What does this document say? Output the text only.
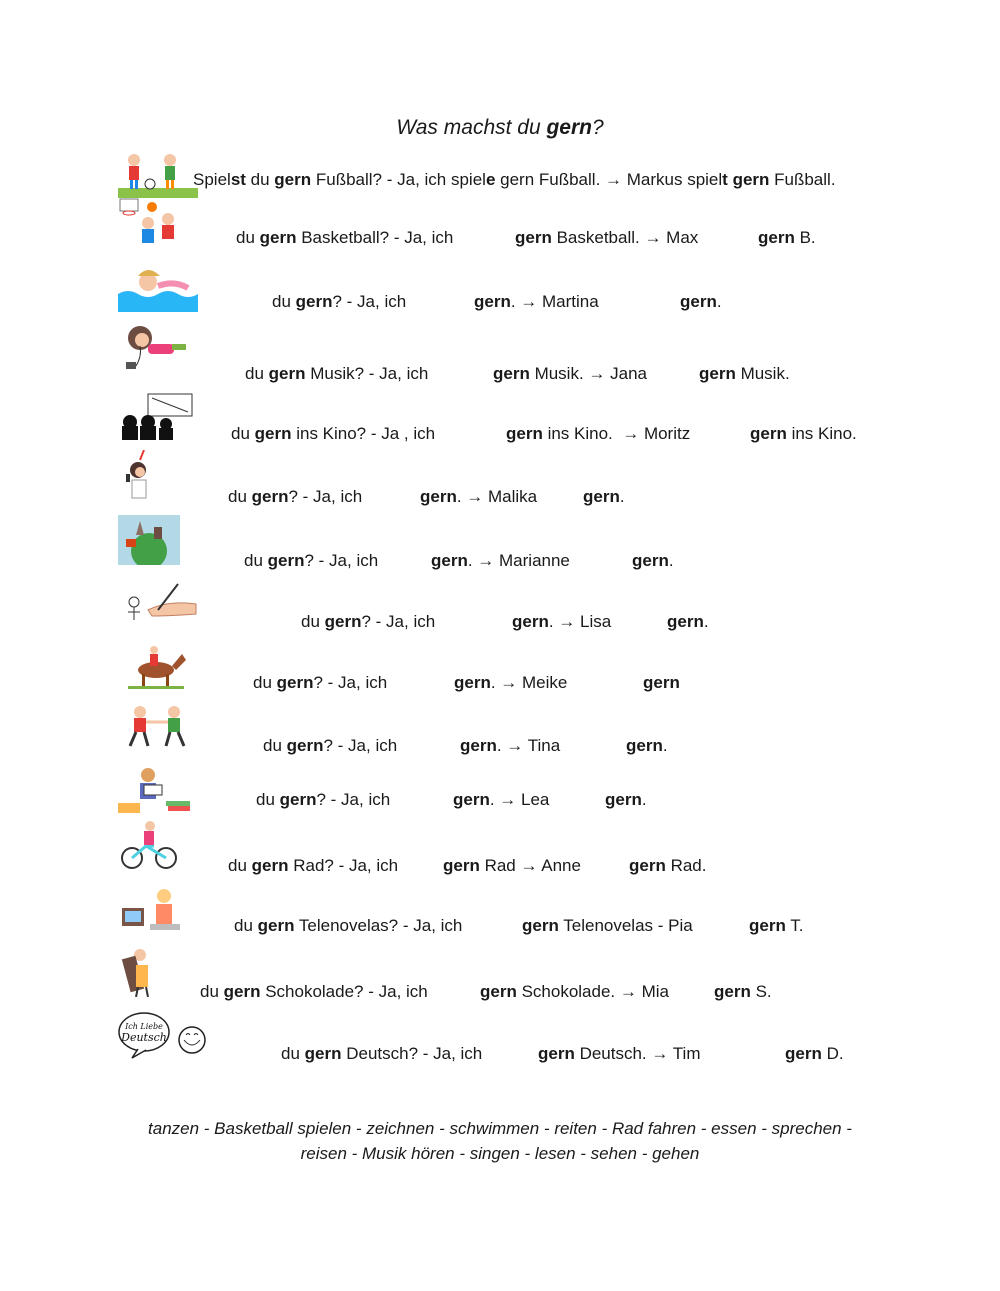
Was machst du gern?
Spielst du gern Fußball? - Ja, ich spiele gern Fußball. → Markus spielt gern Fußball.
du gern Basketball? - Ja, ich	gern Basketball. → Max	gern B.
du gern? - Ja, ich	gern. → Martina	gern.
du gern Musik? - Ja, ich	gern Musik. → Jana	gern Musik.
du gern ins Kino? - Ja , ich	gern ins Kino.  → Moritz	gern ins Kino.
du gern? - Ja, ich	gern. → Malika	gern.
du gern? - Ja, ich	gern. → Marianne	gern.
du gern? - Ja, ich	gern. → Lisa	gern.
du gern? - Ja, ich	gern. → Meike	gern
du gern? - Ja, ich	gern. → Tina	gern.
du gern? - Ja, ich	gern. → Lea	gern.
du gern Rad? - Ja, ich	gern Rad → Anne	gern Rad.
du gern Telenovelas? - Ja, ich	gern Telenovelas - Pia	gern T.
du gern Schokolade? - Ja, ich	gern Schokolade. → Mia	gern S.
Ich Liebe
Deutsch
du gern Deutsch? - Ja, ich	gern Deutsch. → Tim	gern D.
tanzen - Basketball spielen - zeichnen - schwimmen - reiten - Rad fahren - essen - sprechen -
reisen - Musik hören - singen - lesen - sehen - gehen
